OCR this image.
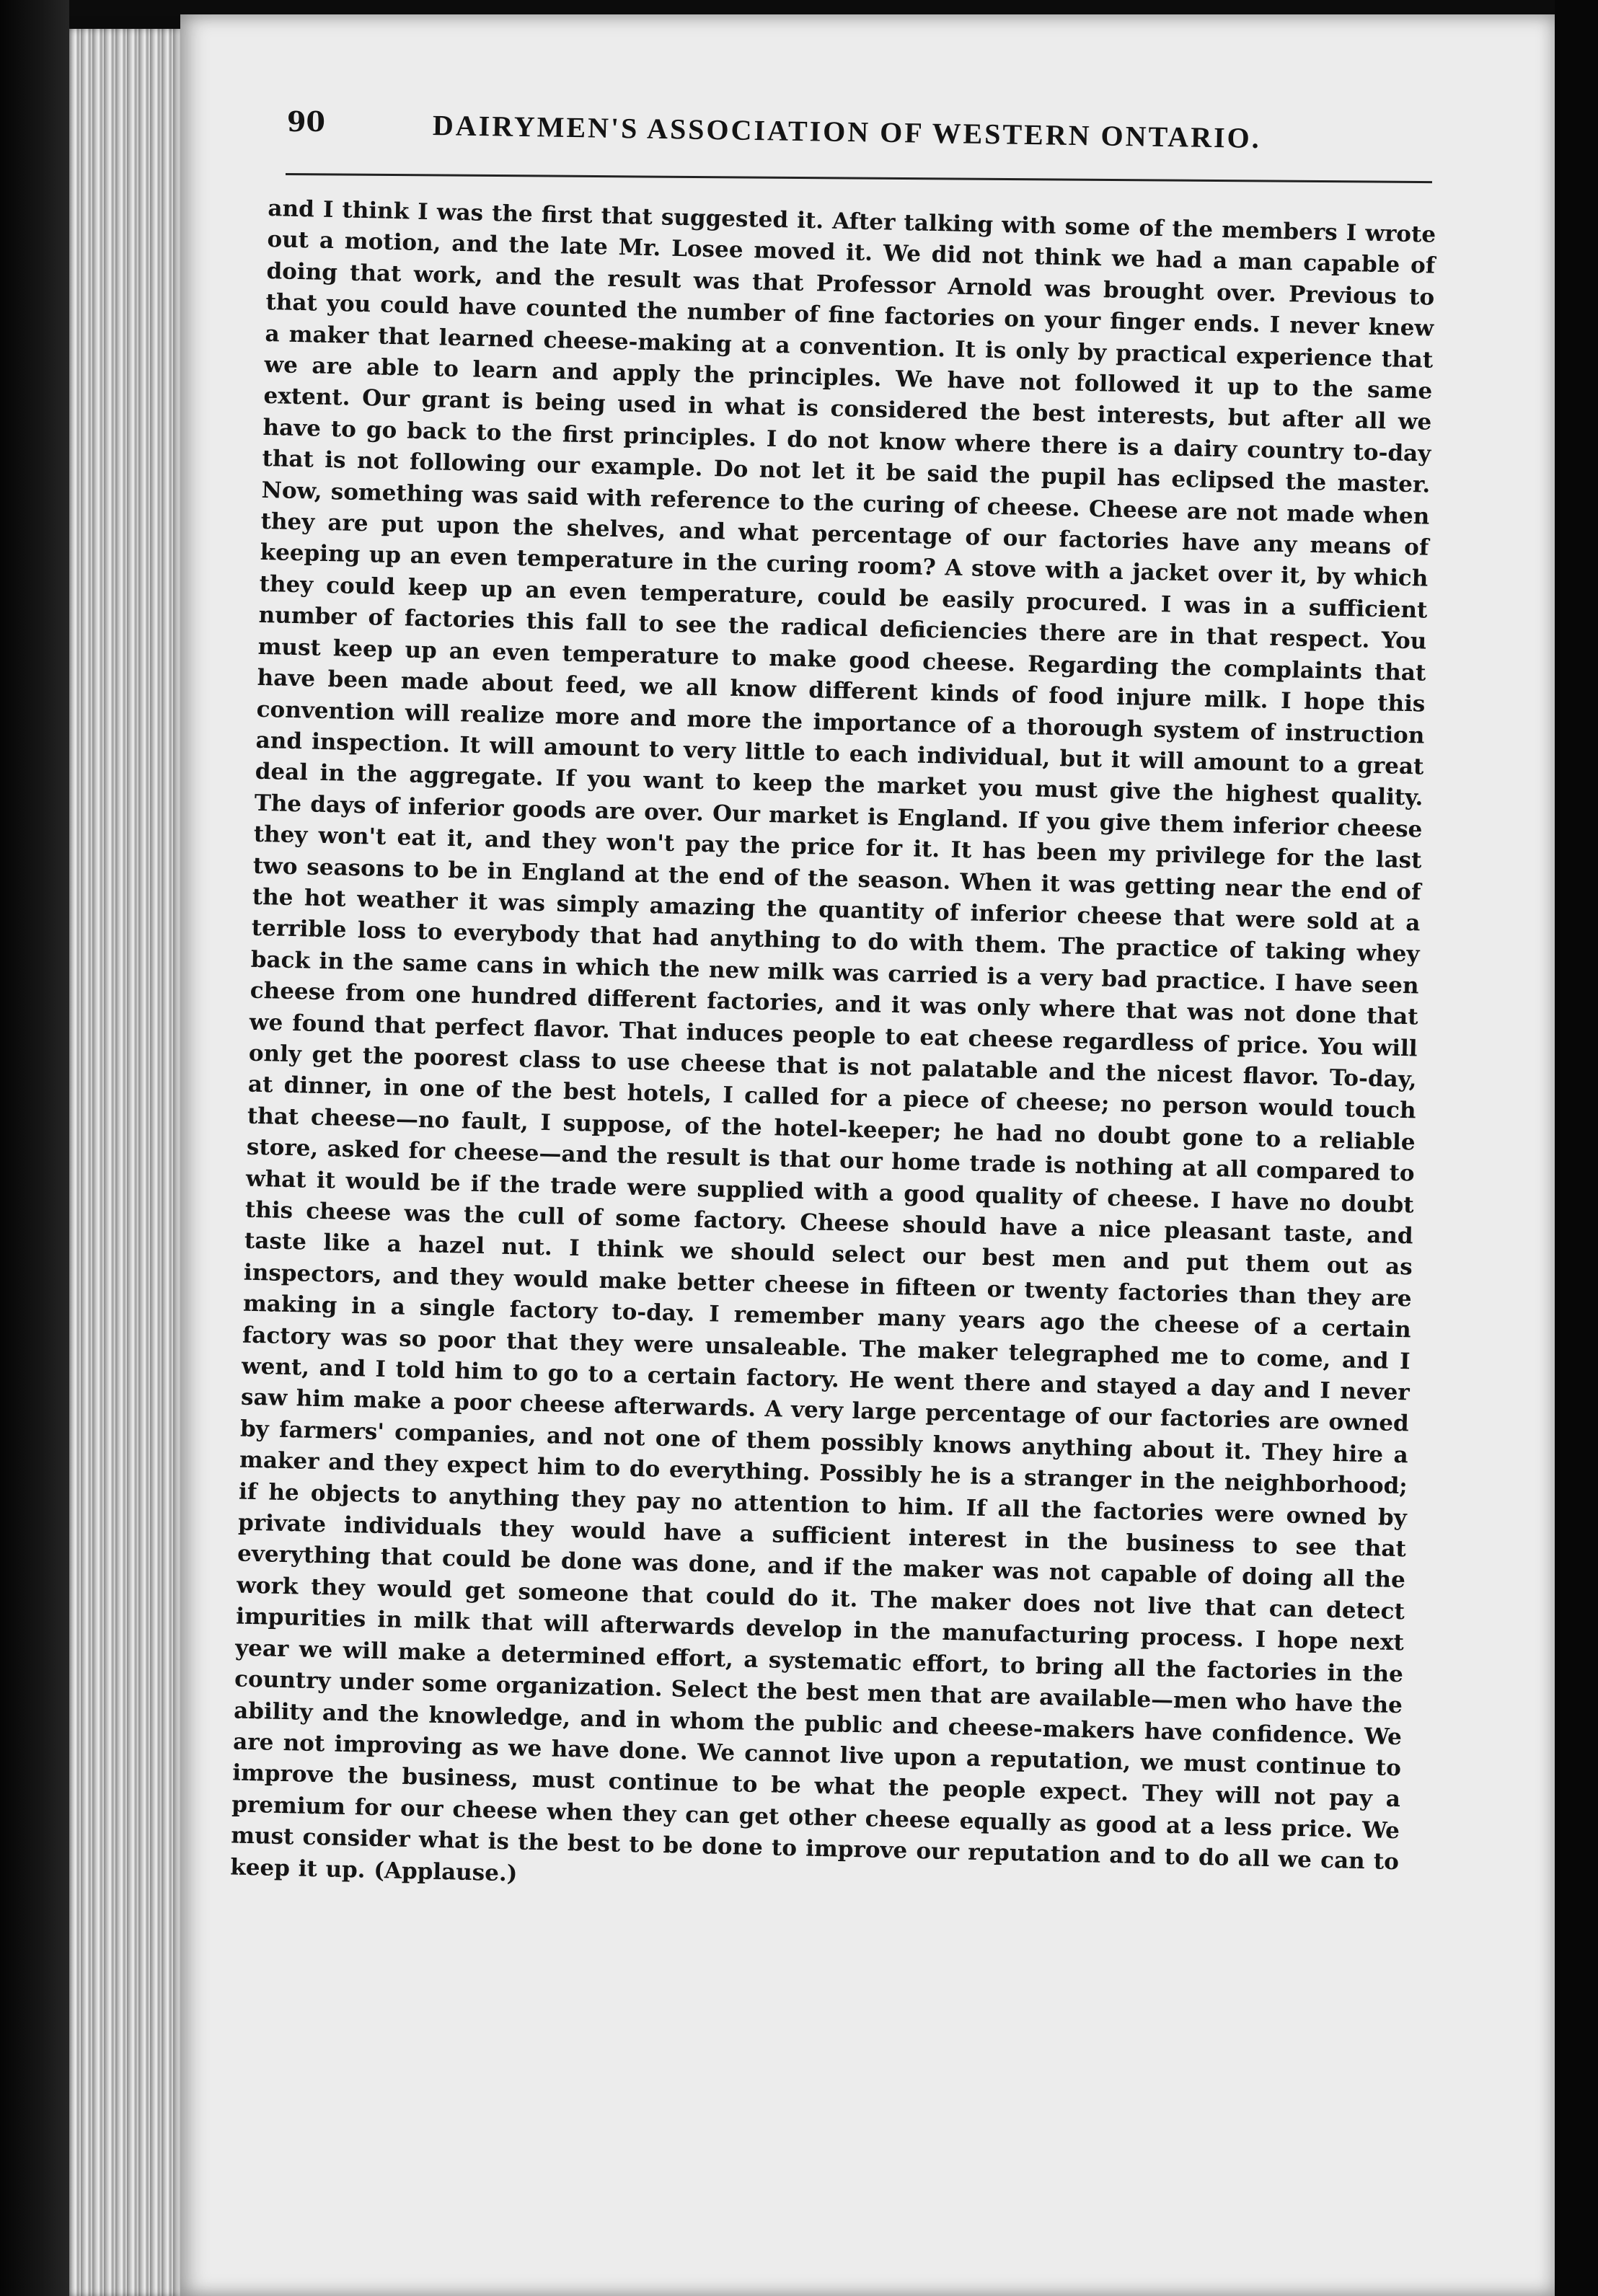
90	DAIRYMEN'S ASSOCIATION OF WESTERN ONTARIO.

and I think I was the first that suggested it. After talking with some of the members I wrote out a motion, and the late Mr. Losee moved it. We did not think we had a man capable of doing that work, and the result was that Professor Arnold was brought over. Previous to that you could have counted the number of fine factories on your finger ends. I never knew a maker that learned cheese-making at a convention. It is only by practical experience that we are able to learn and apply the principles. We have not followed it up to the same extent. Our grant is being used in what is considered the best interests, but after all we have to go back to the first principles. I do not know where there is a dairy country to-day that is not following our example. Do not let it be said the pupil has eclipsed the master. Now, something was said with reference to the curing of cheese. Cheese are not made when they are put upon the shelves, and what percentage of our factories have any means of keeping up an even temperature in the curing room? A stove with a jacket over it, by which they could keep up an even temperature, could be easily procured. I was in a sufficient number of factories this fall to see the radical deficiencies there are in that respect. You must keep up an even temperature to make good cheese. Regarding the complaints that have been made about feed, we all know different kinds of food injure milk. I hope this convention will realize more and more the importance of a thorough system of instruction and inspection. It will amount to very little to each individual, but it will amount to a great deal in the aggregate. If you want to keep the market you must give the highest quality. The days of inferior goods are over. Our market is England. If you give them inferior cheese they won't eat it, and they won't pay the price for it. It has been my privilege for the last two seasons to be in England at the end of the season. When it was getting near the end of the hot weather it was simply amazing the quantity of inferior cheese that were sold at a terrible loss to everybody that had anything to do with them. The practice of taking whey back in the same cans in which the new milk was carried is a very bad practice. I have seen cheese from one hundred different factories, and it was only where that was not done that we found that perfect flavor. That induces people to eat cheese regardless of price. You will only get the poorest class to use cheese that is not palatable and the nicest flavor. To-day, at dinner, in one of the best hotels, I called for a piece of cheese; no person would touch that cheese—no fault, I suppose, of the hotel-keeper; he had no doubt gone to a reliable store, asked for cheese—and the result is that our home trade is nothing at all compared to what it would be if the trade were supplied with a good quality of cheese. I have no doubt this cheese was the cull of some factory. Cheese should have a nice pleasant taste, and taste like a hazel nut. I think we should select our best men and put them out as inspectors, and they would make better cheese in fifteen or twenty factories than they are making in a single factory to-day. I remember many years ago the cheese of a certain factory was so poor that they were unsaleable. The maker telegraphed me to come, and I went, and I told him to go to a certain factory. He went there and stayed a day and I never saw him make a poor cheese afterwards. A very large percentage of our factories are owned by farmers' companies, and not one of them possibly knows anything about it. They hire a maker and they expect him to do everything. Possibly he is a stranger in the neighborhood; if he objects to anything they pay no attention to him. If all the factories were owned by private individuals they would have a sufficient interest in the business to see that everything that could be done was done, and if the maker was not capable of doing all the work they would get someone that could do it. The maker does not live that can detect impurities in milk that will afterwards develop in the manufacturing process. I hope next year we will make a determined effort, a systematic effort, to bring all the factories in the country under some organization. Select the best men that are available—men who have the ability and the knowledge, and in whom the public and cheese-makers have confidence. We are not improving as we have done. We cannot live upon a reputation, we must continue to improve the business, must continue to be what the people expect. They will not pay a premium for our cheese when they can get other cheese equally as good at a less price. We must consider what is the best to be done to improve our reputation and to do all we can to keep it up. (Applause.)
